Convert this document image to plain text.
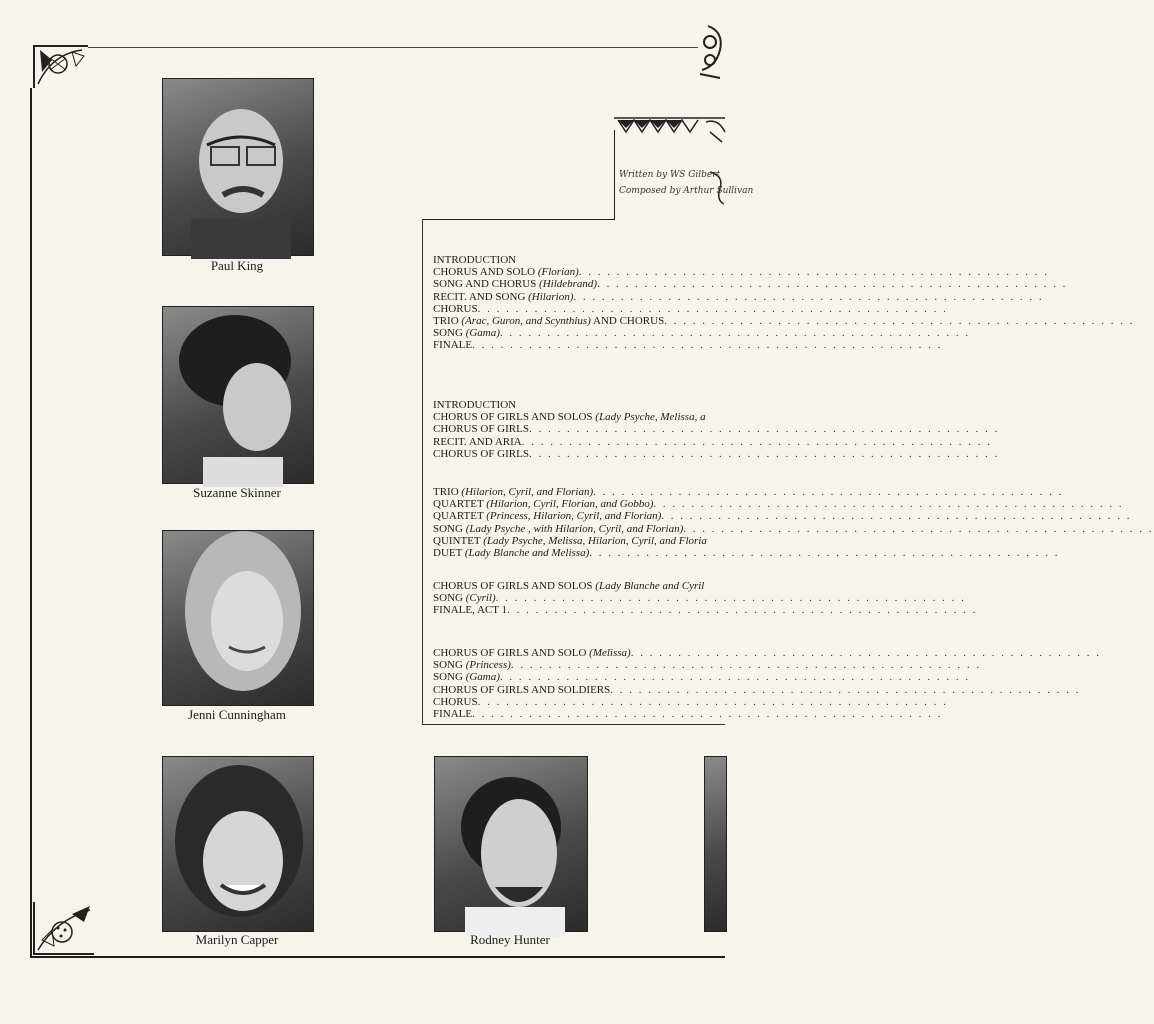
Written by WS Gilbert
Composed by Arthur Sullivan
Paul King
Suzanne Skinner
Jenni Cunningham
Marilyn Capper	Rodney Hunter
INTRODUCTION
CHORUS AND SOLO (Florian)
. . .
SONG AND CHORUS (Hildebrand)
. . .
RECIT. AND SONG (Hilarion)
. . .
CHORUS
. . .
TRIO (Arac, Guron, and Scynthius) AND CHORUS
. . .
SONG (Gama)
. . .
FINALE
. . .
INTRODUCTION
CHORUS OF GIRLS AND SOLOS (Lady Psyche, Melissa, a
CHORUS OF GIRLS
. . .
RECIT. AND ARIA
. . .
CHORUS OF GIRLS
. . .
TRIO (Hilarion, Cyril, and Florian)
. . .
QUARTET (Hilarion, Cyril, Florian, and Gobbo)
. . .
QUARTET (Princess, Hilarion, Cyril, and Florian)
. . .
SONG (Lady Psyche , with Hilarion, Cyril, and Florian)
. . .
QUINTET (Lady Psyche, Melissa, Hilarion, Cyril, and Floria
DUET (Lady Blanche and Melissa)
. . .
CHORUS OF GIRLS AND SOLOS (Lady Blanche and Cyril
SONG (Cyril)
. . .
FINALE, ACT 1
. . .
CHORUS OF GIRLS AND SOLO (Melissa)
. . .
SONG (Princess)
. . .
SONG (Gama)
. . .
CHORUS OF GIRLS AND SOLDIERS
. . .
CHORUS
. . .
FINALE
. . .
